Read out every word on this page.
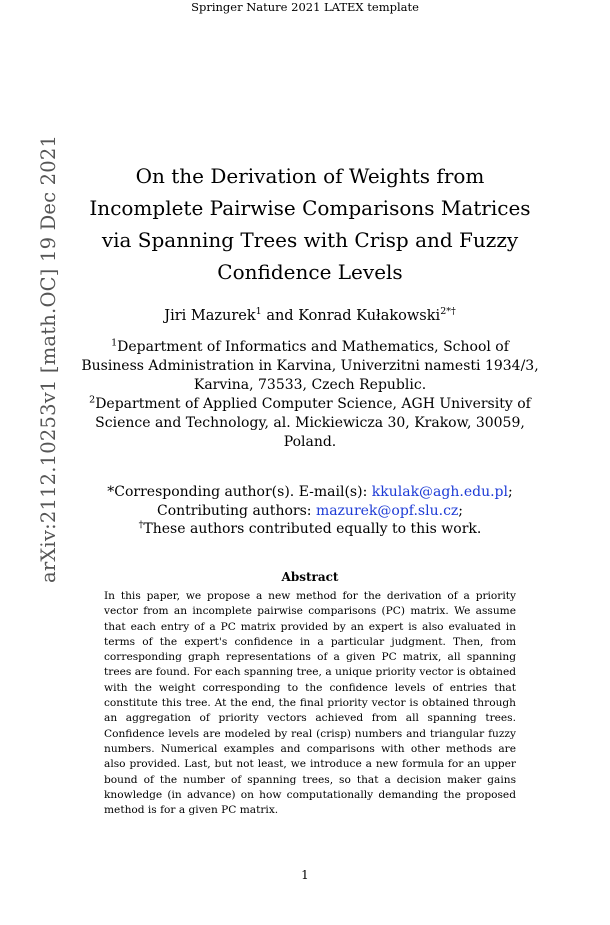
Springer Nature 2021 LATEX template
arXiv:2112.10253v1 [math.OC] 19 Dec 2021	On the Derivation of Weights from Incomplete Pairwise Comparisons Matrices via Spanning Trees with Crisp and Fuzzy Confidence Levels
Jiri Mazurek$^1$ and Konrad Kułakowski$^{2*\dagger}$
$^1$Department of Informatics and Mathematics, School of Business Administration in Karvina, Univerzitni namesti 1934/3, Karvina, 73533, Czech Republic.
$^2$Department of Applied Computer Science, AGH University of Science and Technology, al. Mickiewicza 30, Krakow, 30059, Poland.
*Corresponding author(s). E-mail(s): kkulak@agh.edu.pl;
Contributing authors: mazurek@opf.slu.cz;
†These authors contributed equally to this work.
Abstract
In this paper, we propose a new method for the derivation of a priority vector from an incomplete pairwise comparisons (PC) matrix. We assume that each entry of a PC matrix provided by an expert is also evaluated in terms of the expert's confidence in a particular judgment. Then, from corresponding graph representations of a given PC matrix, all spanning trees are found. For each spanning tree, a unique priority vector is obtained with the weight corresponding to the confidence levels of entries that constitute this tree. At the end, the final priority vector is obtained through an aggregation of priority vectors achieved from all spanning trees. Confidence levels are modeled by real (crisp) numbers and triangular fuzzy numbers. Numerical examples and comparisons with other methods are also provided. Last, but not least, we introduce a new formula for an upper bound of the number of spanning trees, so that a decision maker gains knowledge (in advance) on how computationally demanding the proposed method is for a given PC matrix.
1
